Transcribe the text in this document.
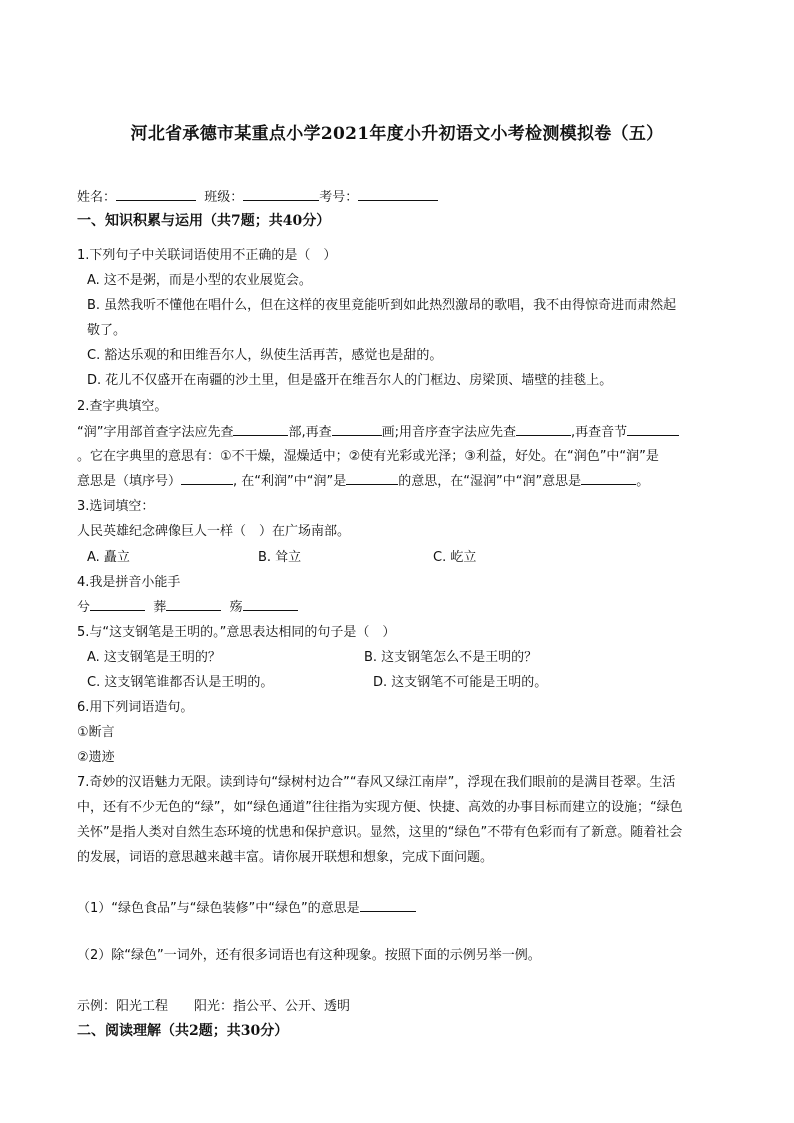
河北省承德市某重点小学2021年度小升初语文小考检测模拟卷（五）
姓名：	班级：	考号：
一、知识积累与运用（共7题；共40分）
1.下列句子中关联词语使用不正确的是（　）
A. 这不是粥，而是小型的农业展览会。
B. 虽然我听不懂他在唱什么，但在这样的夜里竟能听到如此热烈激昂的歌唱，我不由得惊奇进而肃然起
敬了。
C. 豁达乐观的和田维吾尔人，纵使生活再苦，感觉也是甜的。
D. 花儿不仅盛开在南疆的沙土里，但是盛开在维吾尔人的门框边、房梁顶、墙壁的挂毯上。
2.查字典填空。
“润”字用部首查字法应先查	部,再查	画;用音序查字法应先查	,再查音节
。它在字典里的意思有：①不干燥，湿燥适中；②使有光彩或光泽；③利益，好处。在“润色”中“润”是
意思是（填序号）	, 在“利润”中“润”是	的意思，在“湿润”中“润”意思是	。
3.选词填空：
人民英雄纪念碑像巨人一样（　）在广场南部。
A. 矗立	B. 耸立	C. 屹立
4.我是拼音小能手
兮	葬	殇
5.与“这支钢笔是王明的。”意思表达相同的句子是（　）
A. 这支钢笔是王明的？	B. 这支钢笔怎么不是王明的？
C. 这支钢笔谁都否认是王明的。	D. 这支钢笔不可能是王明的。
6.用下列词语造句。
①断言
②遗迹
7.奇妙的汉语魅力无限。读到诗句“绿树村边合”“春风又绿江南岸”，浮现在我们眼前的是满目苍翠。生活
中，还有不少无色的“绿”，如“绿色通道”往往指为实现方便、快捷、高效的办事目标而建立的设施；“绿色
关怀”是指人类对自然生态环境的忧患和保护意识。显然，这里的“绿色”不带有色彩而有了新意。随着社会
的发展，词语的意思越来越丰富。请你展开联想和想象，完成下面问题。
（1）“绿色食品”与“绿色装修”中“绿色”的意思是
（2）除“绿色”一词外，还有很多词语也有这种现象。按照下面的示例另举一例。
示例：阳光工程　　阳光：指公平、公开、透明
二、阅读理解（共2题；共30分）
